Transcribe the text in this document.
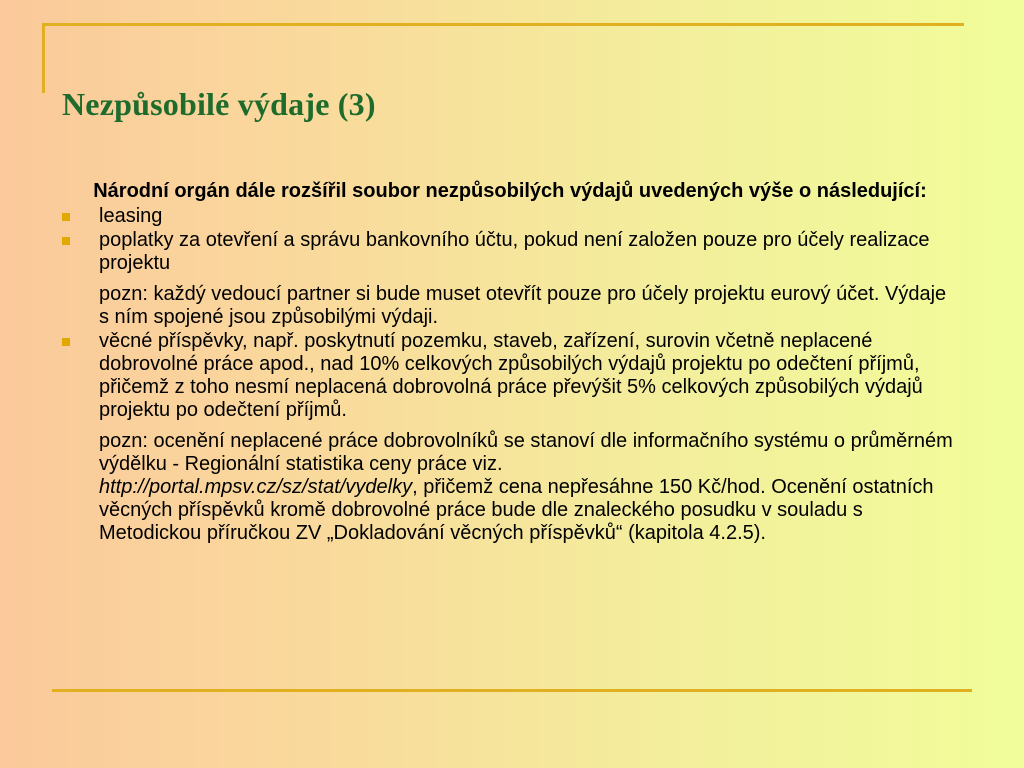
Nezpůsobilé výdaje (3)
Národní orgán dále rozšířil soubor nezpůsobilých výdajů uvedených výše o následující:
leasing
poplatky za otevření a správu bankovního účtu, pokud není založen pouze pro účely realizace projektu
pozn: každý vedoucí partner si bude muset otevřít pouze pro účely projektu eurový účet. Výdaje s ním spojené jsou způsobilými výdaji.
věcné příspěvky, např. poskytnutí pozemku, staveb, zařízení, surovin včetně neplacené dobrovolné práce apod., nad 10% celkových způsobilých výdajů projektu po odečtení příjmů, přičemž z toho nesmí neplacená dobrovolná práce převýšit 5% celkových způsobilých výdajů projektu po odečtení příjmů.
pozn: ocenění neplacené práce dobrovolníků se stanoví dle informačního systému o průměrném výdělku - Regionální statistika ceny práce viz.
http://portal.mpsv.cz/sz/stat/vydelky, přičemž cena nepřesáhne 150 Kč/hod. Ocenění ostatních věcných příspěvků kromě dobrovolné práce bude dle znaleckého posudku v souladu s Metodickou příručkou ZV „Dokladování věcných příspěvků“ (kapitola 4.2.5).
